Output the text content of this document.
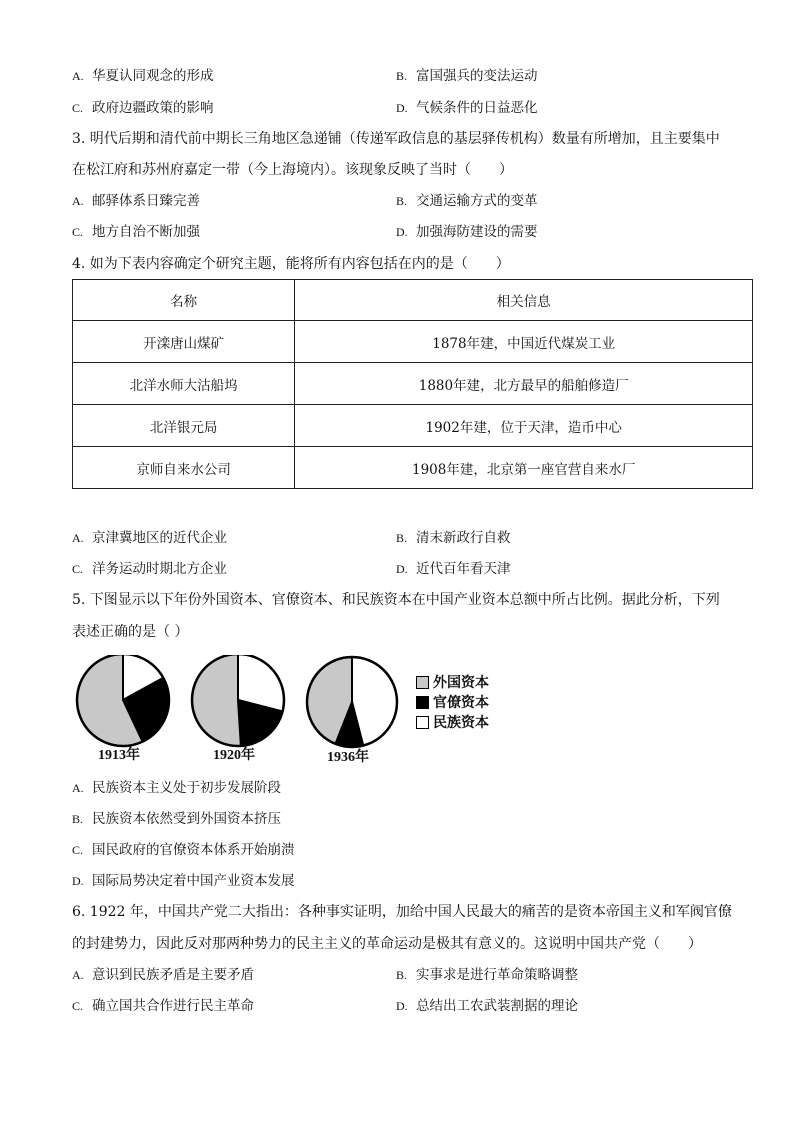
A. 华夏认同观念的形成	B. 富国强兵的变法运动
C. 政府边疆政策的影响	D. 气候条件的日益恶化
3. 明代后期和清代前中期长三角地区急递铺（传递军政信息的基层驿传机构）数量有所增加，且主要集中
在松江府和苏州府嘉定一带（今上海境内）。该现象反映了当时（　　）
A. 邮驿体系日臻完善	B. 交通运输方式的变革
C. 地方自治不断加强	D. 加强海防建设的需要
4. 如为下表内容确定个研究主题，能将所有内容包括在内的是（　　）
名称	相关信息
开滦唐山煤矿	1878年建，中国近代煤炭工业
北洋水师大沽船坞	1880年建，北方最早的船舶修造厂
北洋银元局	1902年建，位于天津，造币中心
京师自来水公司	1908年建，北京第一座官营自来水厂
A. 京津冀地区的近代企业	B. 清末新政行自救
C. 洋务运动时期北方企业	D. 近代百年看天津
5. 下图显示以下年份外国资本、官僚资本、和民族资本在中国产业资本总额中所占比例。据此分析，下列
表述正确的是（ ）
1913年	1920年	1936年
外国资本
官僚资本
民族资本
A. 民族资本主义处于初步发展阶段
B. 民族资本依然受到外国资本挤压
C. 国民政府的官僚资本体系开始崩溃
D. 国际局势决定着中国产业资本发展
6. 1922 年，中国共产党二大指出：各种事实证明，加给中国人民最大的痛苦的是资本帝国主义和军阀官僚
的封建势力，因此反对那两种势力的民主主义的革命运动是极其有意义的。这说明中国共产党（　　）
A. 意识到民族矛盾是主要矛盾	B. 实事求是进行革命策略调整
C. 确立国共合作进行民主革命	D. 总结出工农武装割据的理论
